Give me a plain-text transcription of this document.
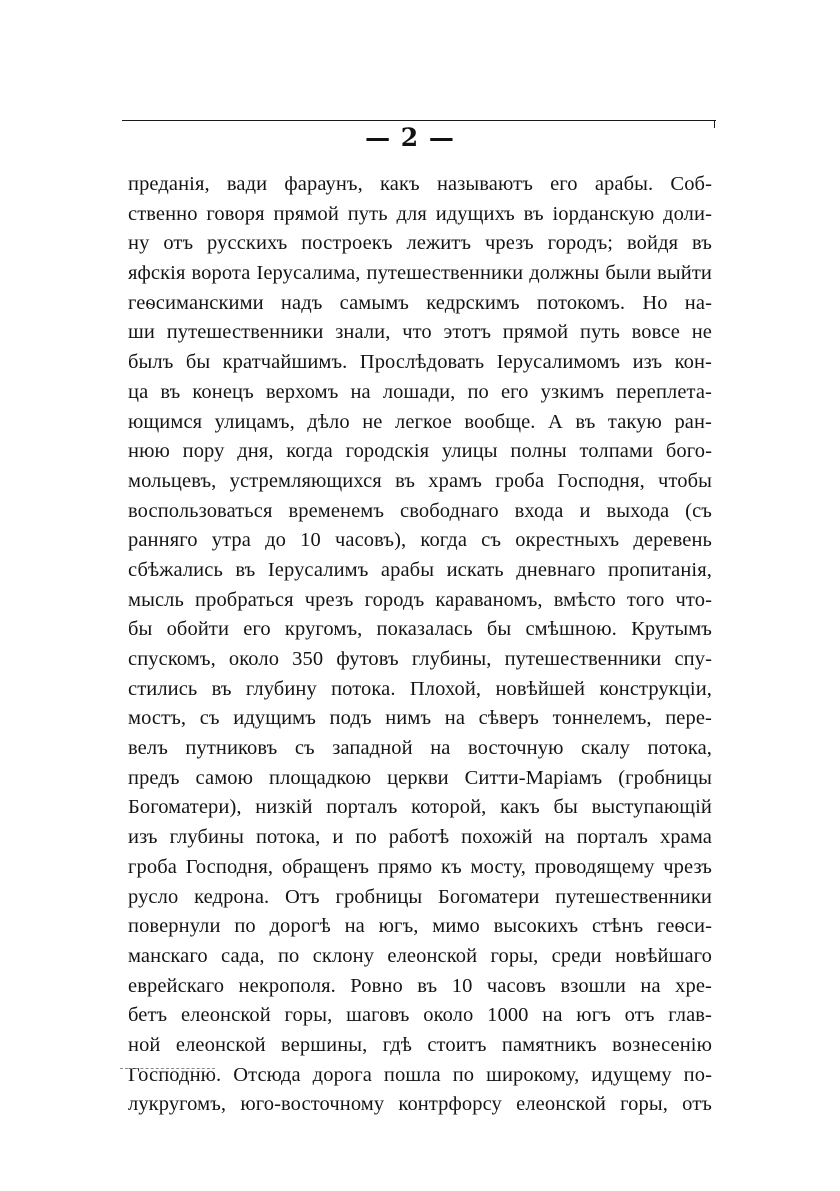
— 2 —
преданія, вади фараунъ, какъ называютъ его арабы. Соб-
ственно говоря прямой путь для идущихъ въ іорданскую доли-
ну отъ русскихъ построекъ лежитъ чрезъ городъ; войдя въ
яфскія ворота Іерусалима, путешественники должны были выйти
геѳсиманскими надъ самымъ кедрскимъ потокомъ. Но на-
ши путешественники знали, что этотъ прямой путь вовсе не
былъ бы кратчайшимъ. Прослѣдовать Іерусалимомъ изъ кон-
ца въ конецъ верхомъ на лошади, по его узкимъ переплета-
ющимся улицамъ, дѣло не легкое вообще. А въ такую ран-
нюю пору дня, когда городскія улицы полны толпами бого-
мольцевъ, устремляющихся въ храмъ гроба Господня, чтобы
воспользоваться временемъ свободнаго входа и выхода (съ
ранняго утра до 10 часовъ), когда съ окрестныхъ деревень
сбѣжались въ Іерусалимъ арабы искать дневнаго пропитанія,
мысль пробраться чрезъ городъ караваномъ, вмѣсто того что-
бы обойти его кругомъ, показалась бы смѣшною. Крутымъ
спускомъ, около 350 футовъ глубины, путешественники спу-
стились въ глубину потока. Плохой, новѣйшей конструкціи,
мостъ, съ идущимъ подъ нимъ на сѣверъ тоннелемъ, пере-
велъ путниковъ съ западной на восточную скалу потока,
предъ самою площадкою церкви Ситти-Маріамъ (гробницы
Богоматери), низкій порталъ которой, какъ бы выступающій
изъ глубины потока, и по работѣ похожій на порталъ храма
гроба Господня, обращенъ прямо къ мосту, проводящему чрезъ
русло кедрона. Отъ гробницы Богоматери путешественники
повернули по дорогѣ на югъ, мимо высокихъ стѣнъ геѳси-
манскаго сада, по склону елеонской горы, среди новѣйшаго
еврейскаго некрополя. Ровно въ 10 часовъ взошли на хре-
бетъ елеонской горы, шаговъ около 1000 на югъ отъ глав-
ной елеонской вершины, гдѣ стоитъ памятникъ вознесенію
Господню. Отсюда дорога пошла по широкому, идущему по-
лукругомъ, юго-восточному контрфорсу елеонской горы, отъ
